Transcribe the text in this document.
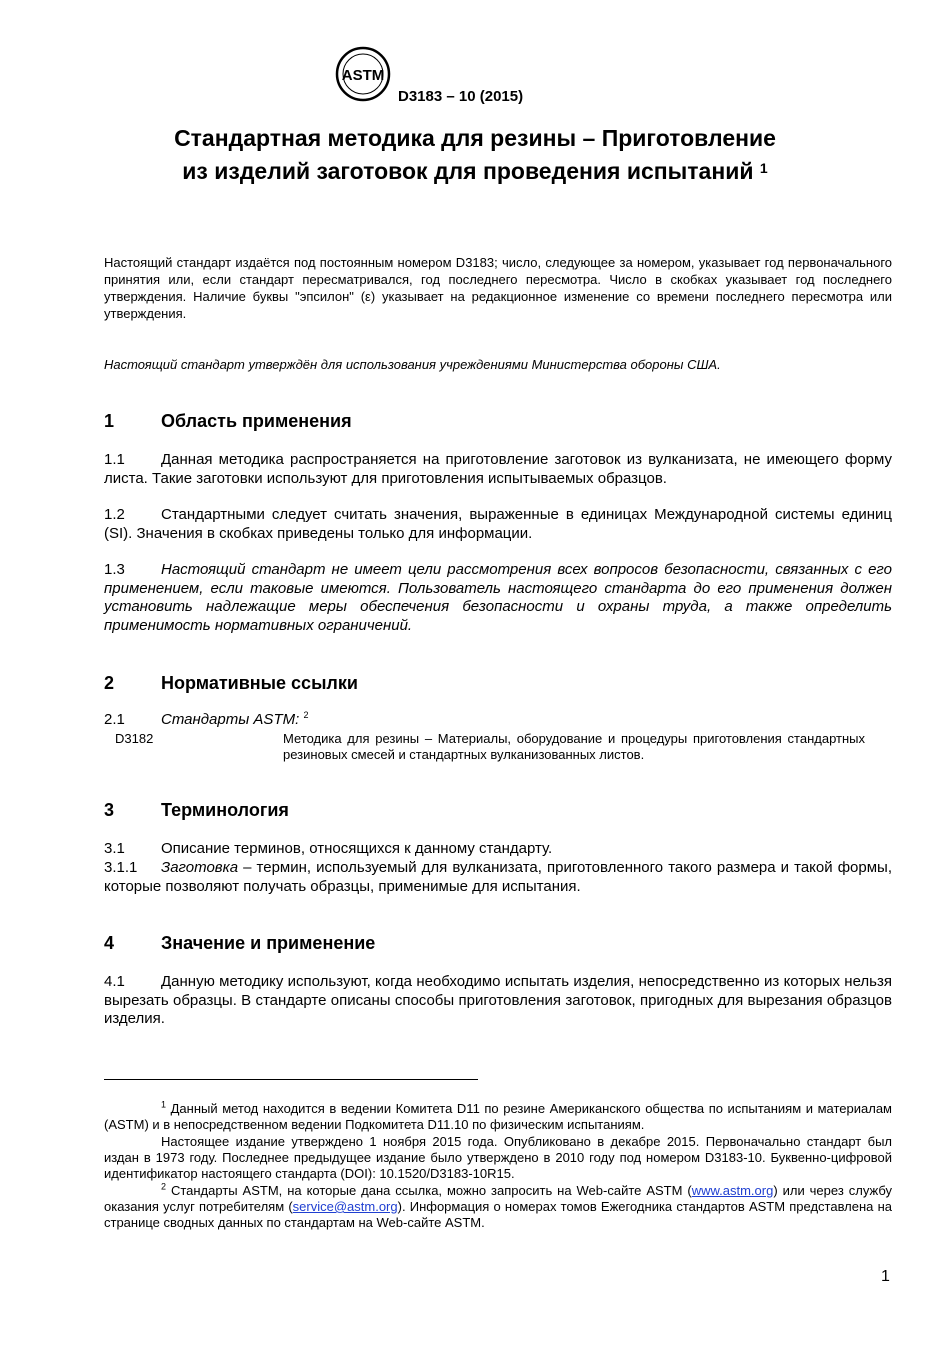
ASTM
D3183 – 10 (2015)
Стандартная методика для резины – Приготовление
из изделий заготовок для проведения испытаний $^1$
Настоящий стандарт издаётся под постоянным номером D3183; число, следующее за номером, указывает год первоначального принятия или, если стандарт пересматривался, год последнего пересмотра. Число в скобках указывает год последнего утверждения. Наличие буквы "эпсилон" (ε) указывает на редакционное изменение со времени последнего пересмотра или утверждения.
Настоящий стандарт утверждён для использования учреждениями Министерства обороны США.
1	Область применения
1.1 Данная методика распространяется на приготовление заготовок из вулканизата, не имеющего форму листа. Такие заготовки используют для приготовления испытываемых образцов.
1.2 Стандартными следует считать значения, выраженные в единицах Международной системы единиц (SI). Значения в скобках приведены только для информации.
1.3 Настоящий стандарт не имеет цели рассмотрения всех вопросов безопасности, связанных с его применением, если таковые имеются. Пользователь настоящего стандарта до его применения должен установить надлежащие меры обеспечения безопасности и охраны труда, а также определить применимость нормативных ограничений.
2	Нормативные ссылки
2.1 Стандарты ASTM: $^2$
D3182	Методика для резины – Материалы, оборудование и процедуры приготовления стандартных резиновых смесей и стандартных вулканизованных листов.
3	Терминология
3.1 Описание терминов, относящихся к данному стандарту.
3.1.1 Заготовка – термин, используемый для вулканизата, приготовленного такого размера и такой формы, которые позволяют получать образцы, применимые для испытания.
4	Значение и применение
4.1 Данную методику используют, когда необходимо испытать изделия, непосредственно из которых нельзя вырезать образцы. В стандарте описаны способы приготовления заготовок, пригодных для вырезания образцов изделия.
$^1$ Данный метод находится в ведении Комитета D11 по резине Американского общества по испытаниям и материалам (ASTM) и в непосредственном ведении Подкомитета D11.10 по физическим испытаниям.
Настоящее издание утверждено 1 ноября 2015 года. Опубликовано в декабре 2015. Первоначально стандарт был издан в 1973 году. Последнее предыдущее издание было утверждено в 2010 году под номером D3183-10. Буквенно-цифровой идентификатор настоящего стандарта (DOI): 10.1520/D3183-10R15.
$^2$ Стандарты ASTM, на которые дана ссылка, можно запросить на Web-сайте ASTM (www.astm.org) или через службу оказания услуг потребителям (service@astm.org). Информация о номерах томов Ежегодника стандартов ASTM представлена на странице сводных данных по стандартам на Web-сайте ASTM.
1
